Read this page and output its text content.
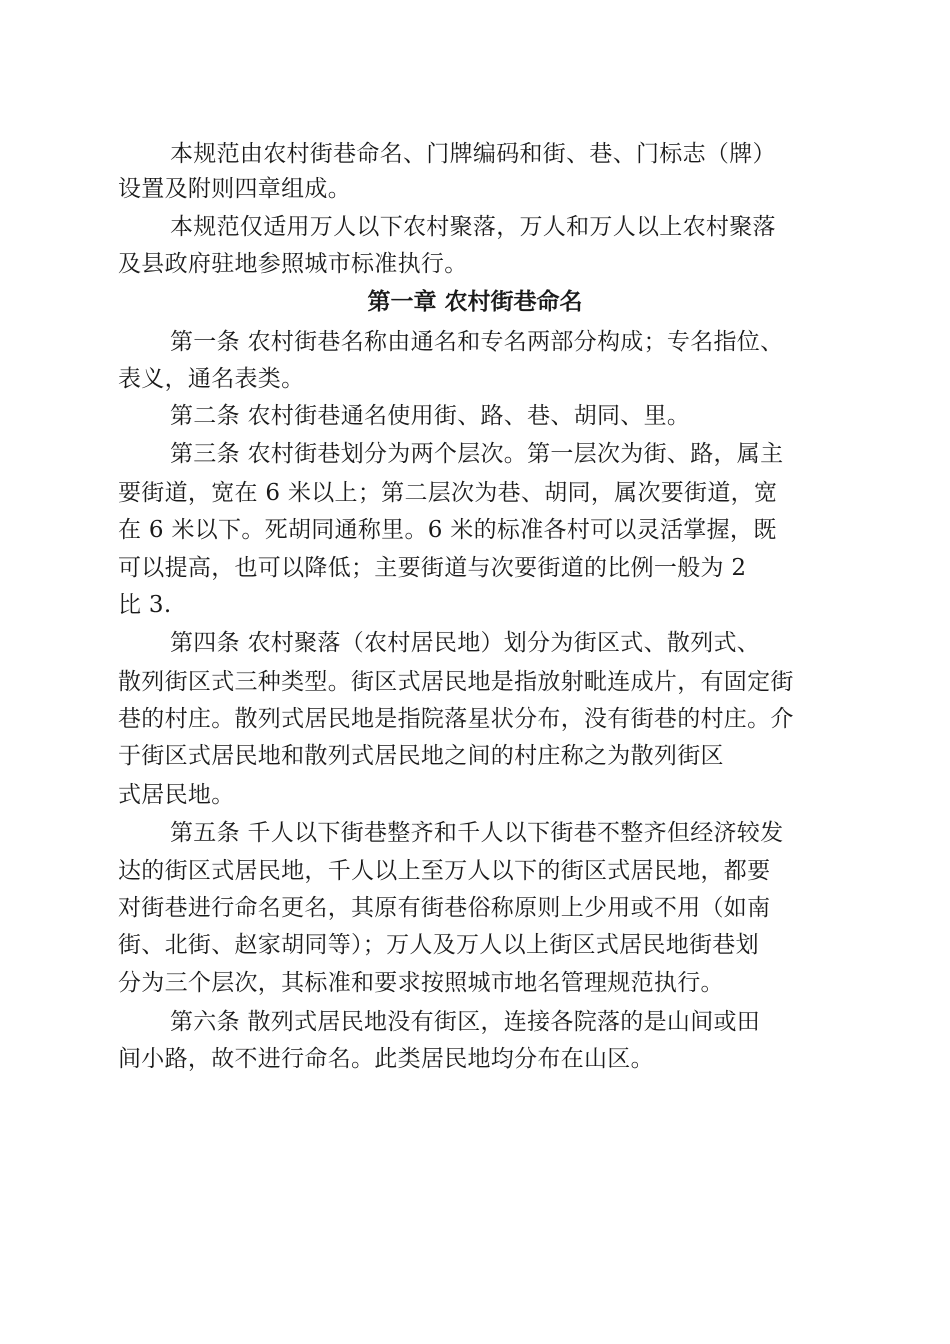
本规范由农村街巷命名、门牌编码和街、巷、门标志（牌）
设置及附则四章组成。
本规范仅适用万人以下农村聚落，万人和万人以上农村聚落
及县政府驻地参照城市标准执行。
第一章 农村街巷命名
第一条 农村街巷名称由通名和专名两部分构成；专名指位、
表义，通名表类。
第二条 农村街巷通名使用街、路、巷、胡同、里。
第三条 农村街巷划分为两个层次。第一层次为街、路，属主
要街道，宽在 6 米以上；第二层次为巷、胡同，属次要街道，宽
在 6 米以下。死胡同通称里。6 米的标准各村可以灵活掌握，既
可以提高，也可以降低；主要街道与次要街道的比例一般为 2
比 3.
第四条 农村聚落（农村居民地）划分为街区式、散列式、
散列街区式三种类型。街区式居民地是指放射毗连成片，有固定街
巷的村庄。散列式居民地是指院落星状分布，没有街巷的村庄。介
于街区式居民地和散列式居民地之间的村庄称之为散列街区
式居民地。
第五条 千人以下街巷整齐和千人以下街巷不整齐但经济较发
达的街区式居民地，千人以上至万人以下的街区式居民地，都要
对街巷进行命名更名，其原有街巷俗称原则上少用或不用（如南
街、北街、赵家胡同等）；万人及万人以上街区式居民地街巷划
分为三个层次，其标准和要求按照城市地名管理规范执行。
第六条 散列式居民地没有街区，连接各院落的是山间或田
间小路，故不进行命名。此类居民地均分布在山区。
